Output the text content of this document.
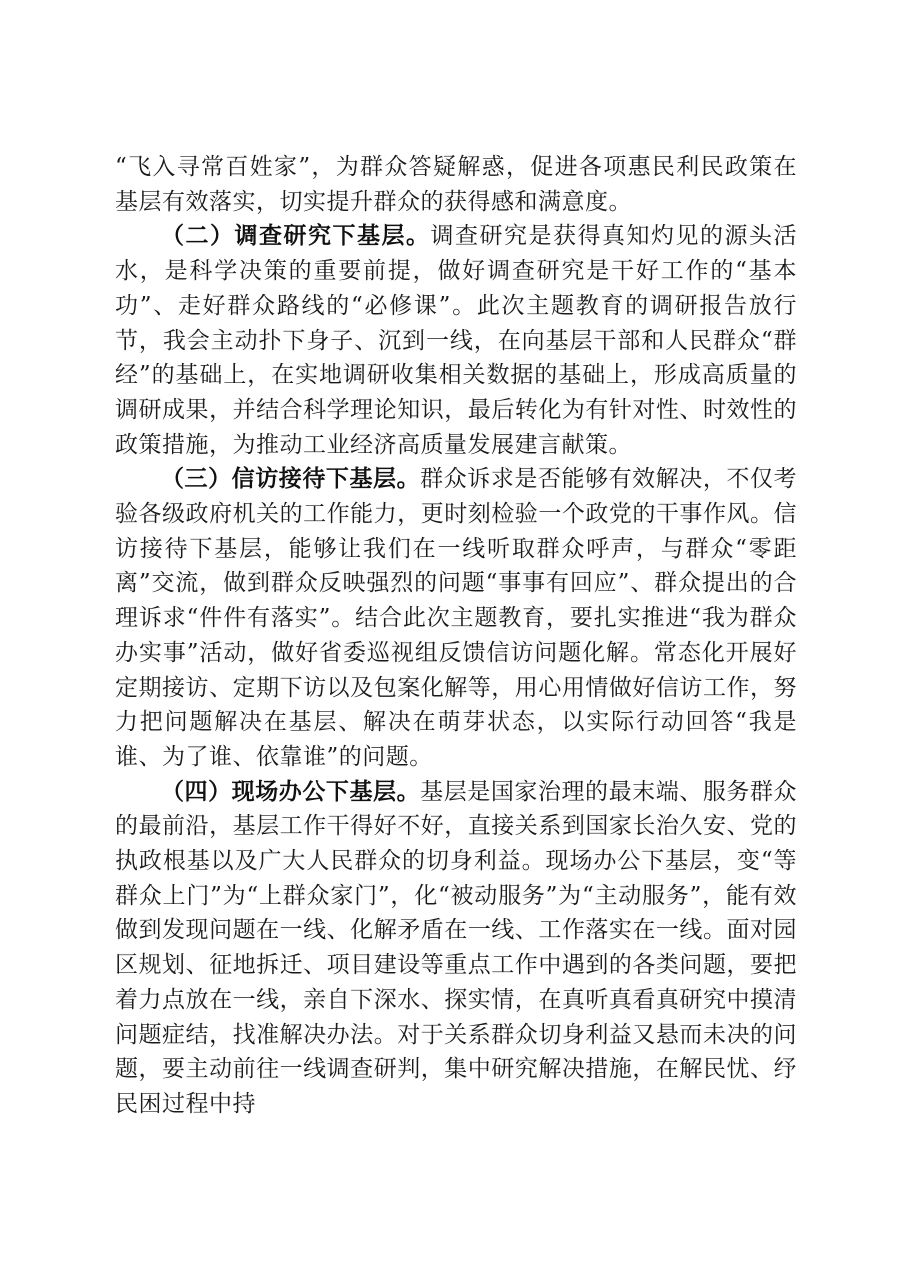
“飞入寻常百姓家”，为群众答疑解惑，促进各项惠民利民政策在基层有效落实，切实提升群众的获得感和满意度。

（二）调查研究下基层。调查研究是获得真知灼见的源头活水，是科学决策的重要前提，做好调查研究是干好工作的“基本功”、走好群众路线的“必修课”。此次主题教育的调研报告放行节，我会主动扑下身子、沉到一线，在向基层干部和人民群众“群经”的基础上，在实地调研收集相关数据的基础上，形成高质量的调研成果，并结合科学理论知识，最后转化为有针对性、时效性的政策措施，为推动工业经济高质量发展建言献策。

（三）信访接待下基层。群众诉求是否能够有效解决，不仅考验各级政府机关的工作能力，更时刻检验一个政党的干事作风。信访接待下基层，能够让我们在一线听取群众呼声，与群众“零距离”交流，做到群众反映强烈的问题“事事有回应”、群众提出的合理诉求“件件有落实”。结合此次主题教育，要扎实推进“我为群众办实事”活动，做好省委巡视组反馈信访问题化解。常态化开展好定期接访、定期下访以及包案化解等，用心用情做好信访工作，努力把问题解决在基层、解决在萌芽状态，以实际行动回答“我是谁、为了谁、依靠谁”的问题。

（四）现场办公下基层。基层是国家治理的最末端、服务群众的最前沿，基层工作干得好不好，直接关系到国家长治久安、党的执政根基以及广大人民群众的切身利益。现场办公下基层，变“等群众上门”为“上群众家门”，化“被动服务”为“主动服务”，能有效做到发现问题在一线、化解矛盾在一线、工作落实在一线。面对园区规划、征地拆迁、项目建设等重点工作中遇到的各类问题，要把着力点放在一线，亲自下深水、探实情，在真听真看真研究中摸清问题症结，找准解决办法。对于关系群众切身利益又悬而未决的问题，要主动前往一线调查研判，集中研究解决措施，在解民忧、纾民困过程中持
